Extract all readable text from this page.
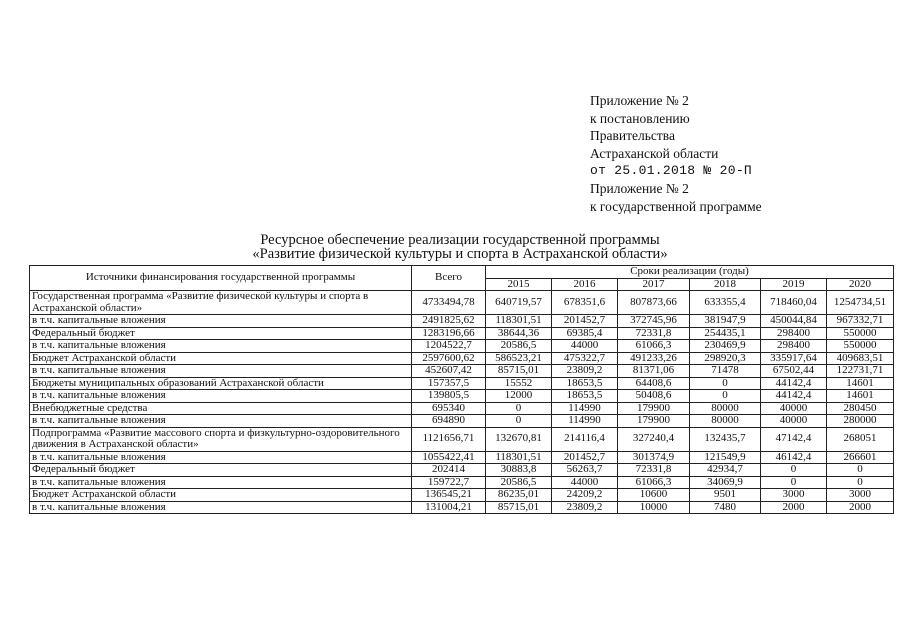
Приложение № 2
к постановлению
Правительства
Астраханской области
от 25.01.2018 № 20-П
Приложение № 2
к государственной программе
Ресурсное обеспечение реализации государственной программы
«Развитие физической культуры и спорта в Астраханской области»
Источники финансирования государственной программы	Всего	Сроки реализации (годы)					
		2015	2016	2017	2018	2019	2020
Государственная программа «Развитие физической культуры и спорта в Астраханской области»	4733494,78	640719,57	678351,6	807873,66	633355,4	718460,04	1254734,51
в т.ч. капитальные вложения	2491825,62	118301,51	201452,7	372745,96	381947,9	450044,84	967332,71
Федеральный бюджет	1283196,66	38644,36	69385,4	72331,8	254435,1	298400	550000
в т.ч. капитальные вложения	1204522,7	20586,5	44000	61066,3	230469,9	298400	550000
Бюджет Астраханской области	2597600,62	586523,21	475322,7	491233,26	298920,3	335917,64	409683,51
в т.ч. капитальные вложения	452607,42	85715,01	23809,2	81371,06	71478	67502,44	122731,71
Бюджеты муниципальных образований Астраханской области	157357,5	15552	18653,5	64408,6	0	44142,4	14601
в т.ч. капитальные вложения	139805,5	12000	18653,5	50408,6	0	44142,4	14601
Внебюджетные средства	695340	0	114990	179900	80000	40000	280450
в т.ч. капитальные вложения	694890	0	114990	179900	80000	40000	280000
Подпрограмма «Развитие массового спорта и физкультурно-оздоровительного движения в Астраханской области»	1121656,71	132670,81	214116,4	327240,4	132435,7	47142,4	268051
в т.ч. капитальные вложения	1055422,41	118301,51	201452,7	301374,9	121549,9	46142,4	266601
Федеральный бюджет	202414	30883,8	56263,7	72331,8	42934,7	0	0
в т.ч. капитальные вложения	159722,7	20586,5	44000	61066,3	34069,9	0	0
Бюджет Астраханской области	136545,21	86235,01	24209,2	10600	9501	3000	3000
в т.ч. капитальные вложения	131004,21	85715,01	23809,2	10000	7480	2000	2000
